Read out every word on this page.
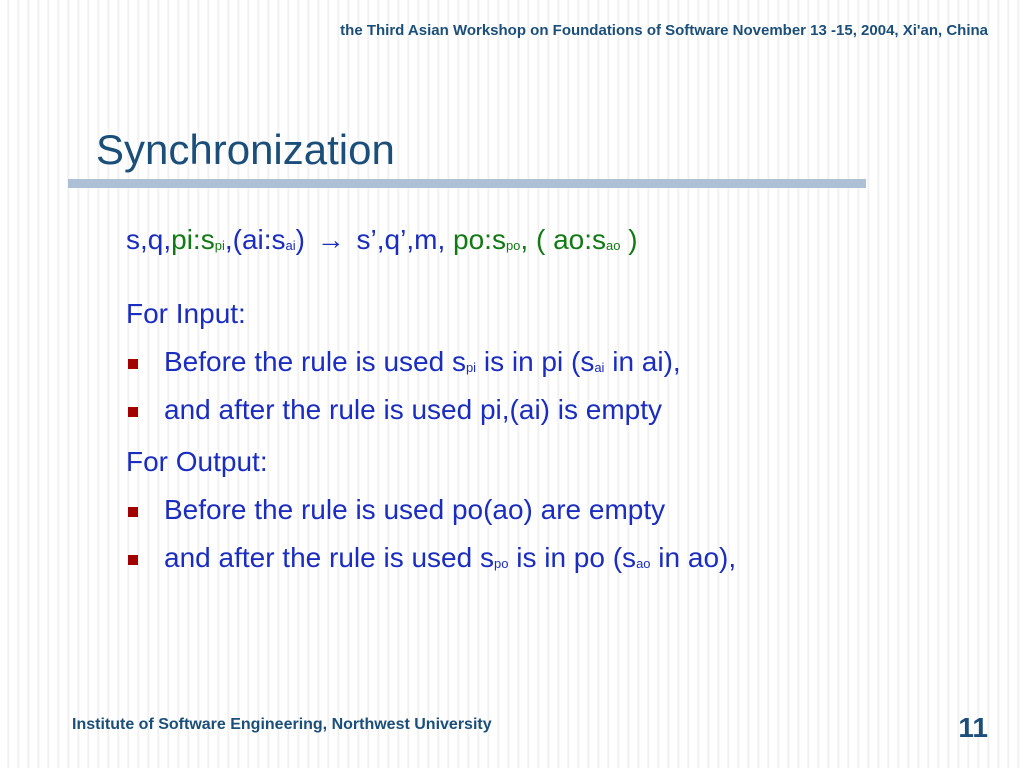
the Third Asian Workshop on Foundations of Software November 13 -15, 2004, Xi'an, China
Synchronization
$s,q,pi:s_{pi},(ai:s_{ai})$ → s’,q’,m, $po:s_{po}$, ( $ao:s_{ao}$ )
For Input:
Before the rule is used $s_{pi}$ is in pi ($s_{ai}$ in ai),
and after the rule is used pi,(ai) is empty
For Output:
Before the rule is used po(ao) are empty
and after the rule is used $s_{po}$ is in po ($s_{ao}$ in ao),
Institute of Software Engineering, Northwest University	11
